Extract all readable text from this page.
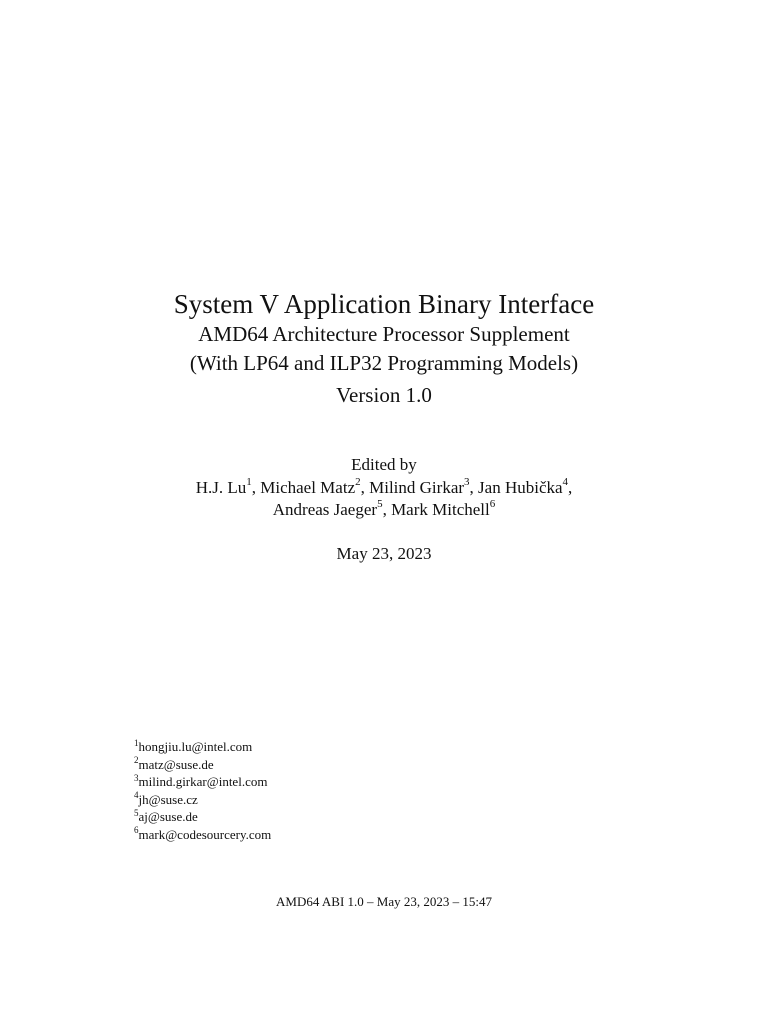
System V Application Binary Interface
AMD64 Architecture Processor Supplement
(With LP64 and ILP32 Programming Models)
Version 1.0
Edited by
H.J. Lu$^1$, Michael Matz$^2$, Milind Girkar$^3$, Jan Hubička$^4$,
Andreas Jaeger$^5$, Mark Mitchell$^6$
May 23, 2023
$^1$hongjiu.lu@intel.com
$^2$matz@suse.de
$^3$milind.girkar@intel.com
$^4$jh@suse.cz
$^5$aj@suse.de
$^6$mark@codesourcery.com
AMD64 ABI 1.0 – May 23, 2023 – 15:47
